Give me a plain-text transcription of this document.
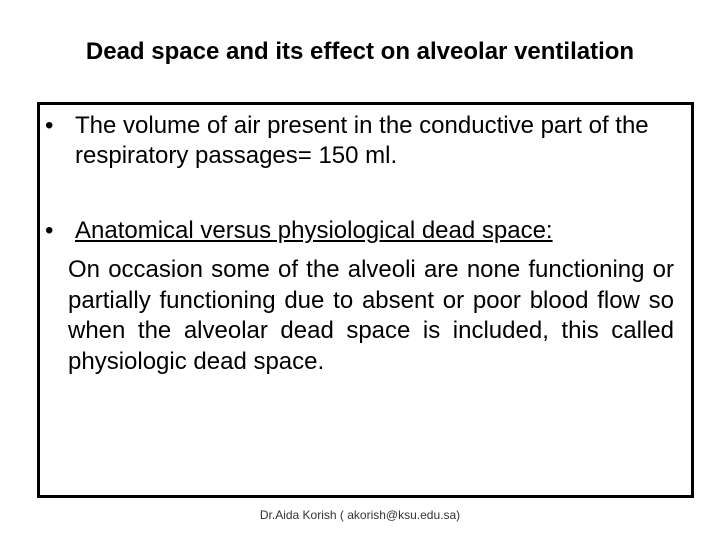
Dead space and its effect on alveolar ventilation
• The volume of air present in the conductive part of the respiratory passages= 150 ml.
• Anatomical versus physiological dead space:
On occasion some of the alveoli are none functioning or partially functioning due to absent or poor blood flow so when the alveolar dead space is included, this called physiologic dead space.
Dr.Aida Korish ( akorish@ksu.edu.sa)
